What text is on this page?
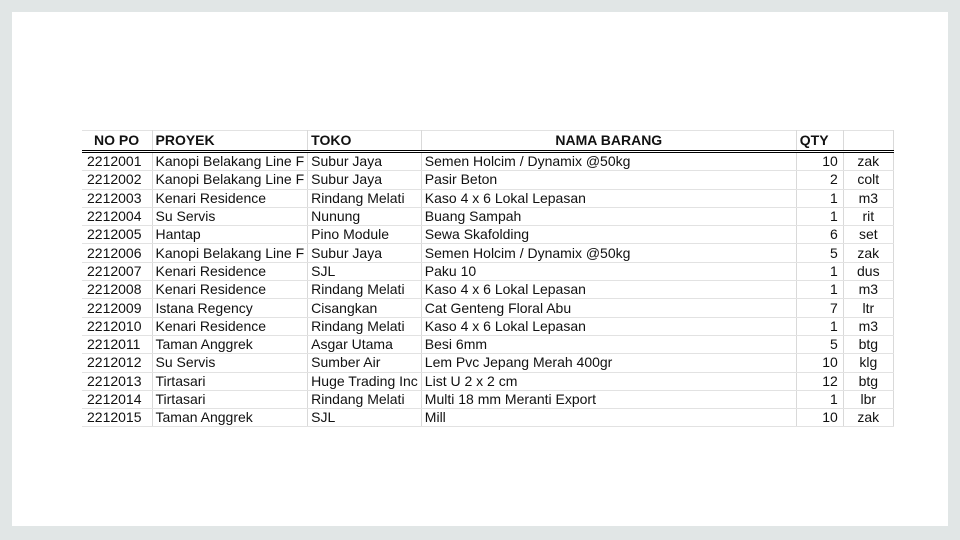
NO PO	PROYEK	TOKO	NAMA BARANG	QTY	
2212001	Kanopi Belakang Line F	Subur Jaya	Semen Holcim / Dynamix @50kg	10	zak
2212002	Kanopi Belakang Line F	Subur Jaya	Pasir Beton	2	colt
2212003	Kenari Residence	Rindang Melati	Kaso 4 x 6 Lokal Lepasan	1	m3
2212004	Su Servis	Nunung	Buang Sampah	1	rit
2212005	Hantap	Pino Module	Sewa Skafolding	6	set
2212006	Kanopi Belakang Line F	Subur Jaya	Semen Holcim / Dynamix @50kg	5	zak
2212007	Kenari Residence	SJL	Paku 10	1	dus
2212008	Kenari Residence	Rindang Melati	Kaso 4 x 6 Lokal Lepasan	1	m3
2212009	Istana Regency	Cisangkan	Cat Genteng Floral Abu	7	ltr
2212010	Kenari Residence	Rindang Melati	Kaso 4 x 6 Lokal Lepasan	1	m3
2212011	Taman Anggrek	Asgar Utama	Besi 6mm	5	btg
2212012	Su Servis	Sumber Air	Lem Pvc Jepang Merah 400gr	10	klg
2212013	Tirtasari	Huge Trading Inc	List U 2 x 2 cm	12	btg
2212014	Tirtasari	Rindang Melati	Multi 18 mm Meranti Export	1	lbr
2212015	Taman Anggrek	SJL	Mill	10	zak
